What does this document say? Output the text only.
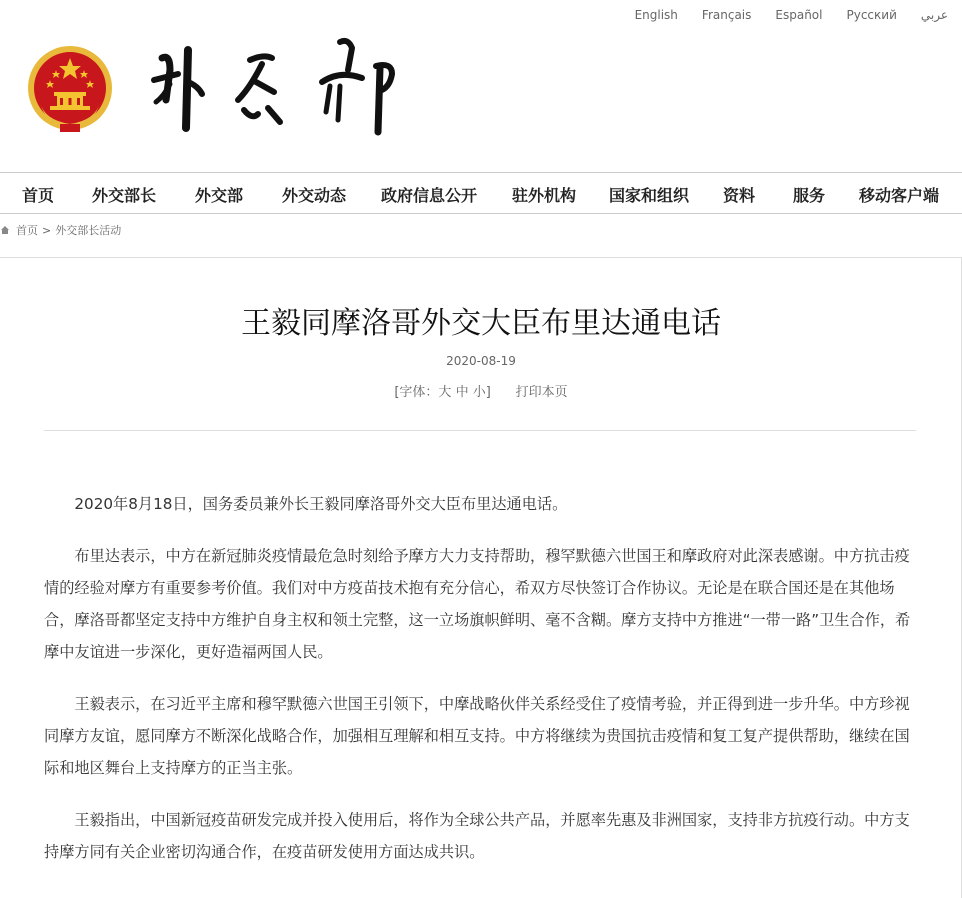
English Français Español Русский عربي
首页 外交部长 外交部 外交动态 政府信息公开 驻外机构 国家和组织 资料 服务 移动客户端
首页 > 外交部长活动
王毅同摩洛哥外交大臣布里达通电话
2020-08-19
[字体：大 中 小] 打印本页

2020年8月18日，国务委员兼外长王毅同摩洛哥外交大臣布里达通电话。

布里达表示，中方在新冠肺炎疫情最危急时刻给予摩方大力支持帮助，穆罕默德六世国王和摩政府对此深表感谢。中方抗击疫情的经验对摩方有重要参考价值。我们对中方疫苗技术抱有充分信心，希双方尽快签订合作协议。无论是在联合国还是在其他场合，摩洛哥都坚定支持中方维护自身主权和领土完整，这一立场旗帜鲜明、毫不含糊。摩方支持中方推进“一带一路”卫生合作，希摩中友谊进一步深化，更好造福两国人民。

王毅表示，在习近平主席和穆罕默德六世国王引领下，中摩战略伙伴关系经受住了疫情考验，并正得到进一步升华。中方珍视同摩方友谊，愿同摩方不断深化战略合作，加强相互理解和相互支持。中方将继续为贵国抗击疫情和复工复产提供帮助，继续在国际和地区舞台上支持摩方的正当主张。

王毅指出，中国新冠疫苗研发完成并投入使用后，将作为全球公共产品，并愿率先惠及非洲国家，支持非方抗疫行动。中方支持摩方同有关企业密切沟通合作，在疫苗研发使用方面达成共识。
